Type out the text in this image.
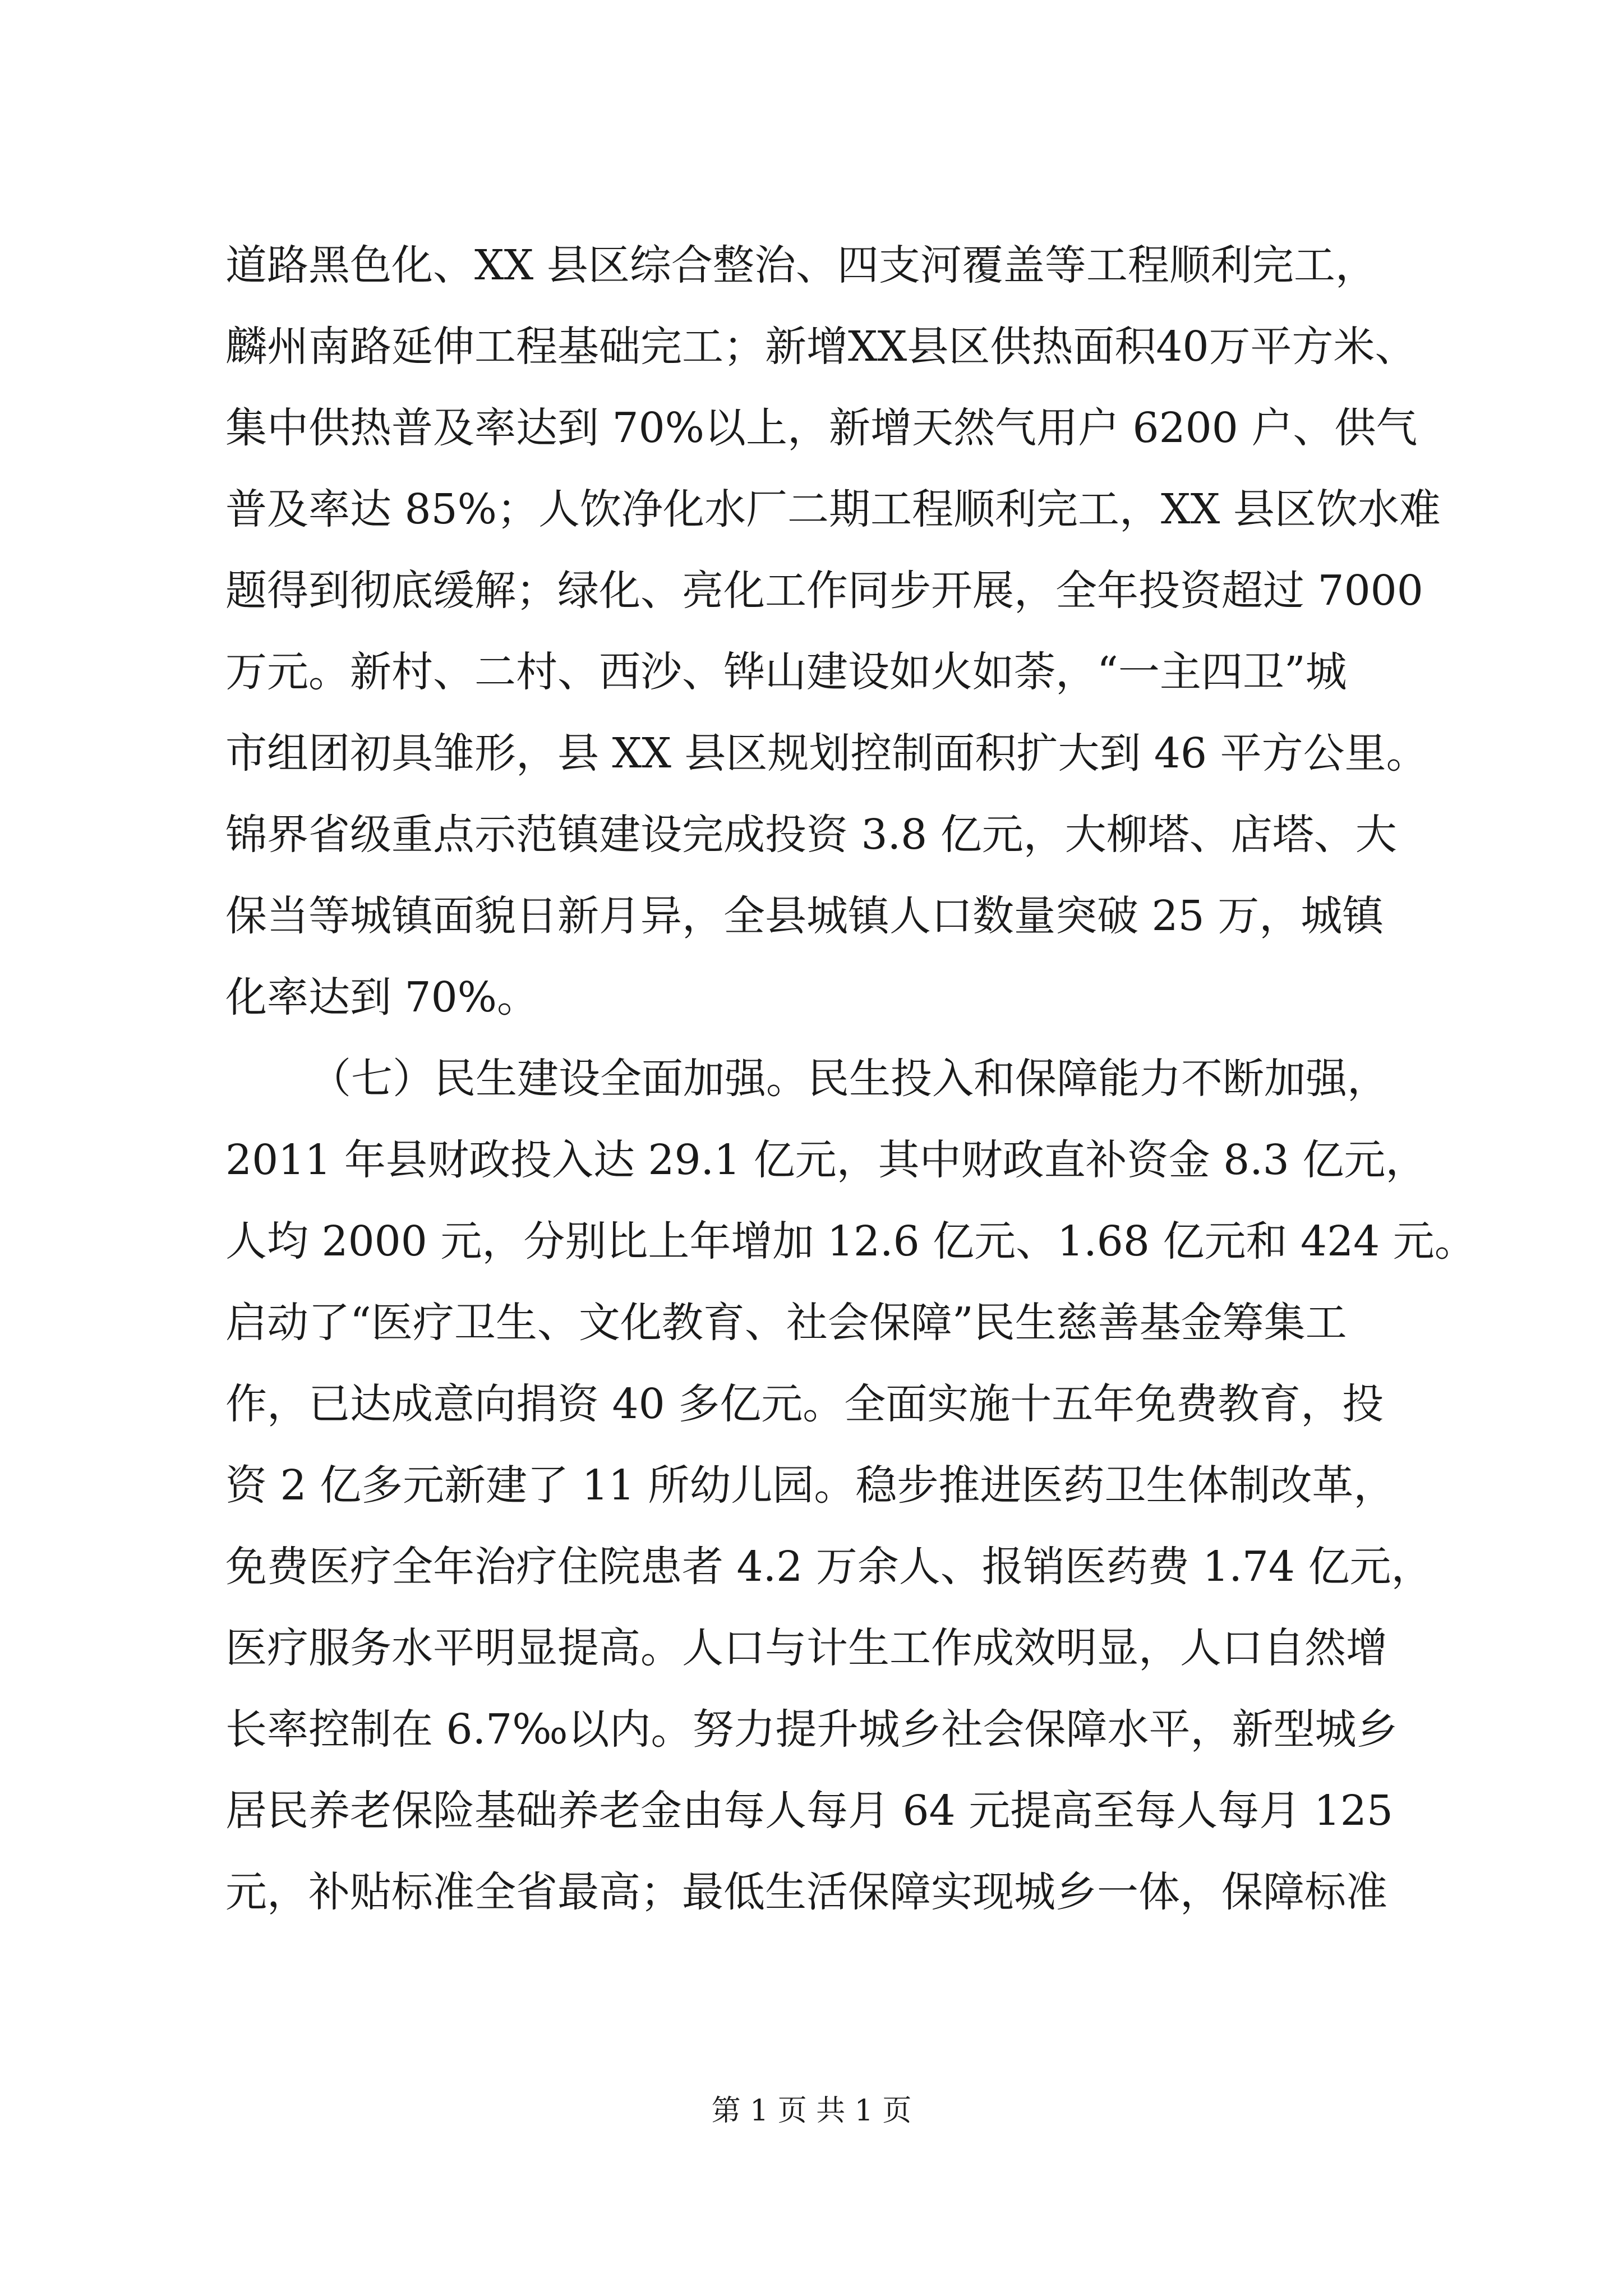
道路黑色化、XX 县区综合整治、四支河覆盖等工程顺利完工，
麟州南路延伸工程基础完工；新增XX县区供热面积40万平方米、
集中供热普及率达到 70%以上，新增天然气用户 6200 户、供气
普及率达 85%；人饮净化水厂二期工程顺利完工，XX 县区饮水难
题得到彻底缓解；绿化、亮化工作同步开展，全年投资超过 7000
万元。新村、二村、西沙、铧山建设如火如荼，“一主四卫”城
市组团初具雏形，县 XX 县区规划控制面积扩大到 46 平方公里。
锦界省级重点示范镇建设完成投资 3.8 亿元，大柳塔、店塔、大
保当等城镇面貌日新月异，全县城镇人口数量突破 25 万，城镇
化率达到 70%。
（七）民生建设全面加强。民生投入和保障能力不断加强，
2011 年县财政投入达 29.1 亿元，其中财政直补资金 8.3 亿元，
人均 2000 元，分别比上年增加 12.6 亿元、1.68 亿元和 424 元。
启动了“医疗卫生、文化教育、社会保障”民生慈善基金筹集工
作，已达成意向捐资 40 多亿元。全面实施十五年免费教育，投
资 2 亿多元新建了 11 所幼儿园。稳步推进医药卫生体制改革，
免费医疗全年治疗住院患者 4.2 万余人、报销医药费 1.74 亿元，
医疗服务水平明显提高。人口与计生工作成效明显，人口自然增
长率控制在 6.7‰以内。努力提升城乡社会保障水平，新型城乡
居民养老保险基础养老金由每人每月 64 元提高至每人每月 125
元，补贴标准全省最高；最低生活保障实现城乡一体，保障标准
第 1 页 共 1 页
